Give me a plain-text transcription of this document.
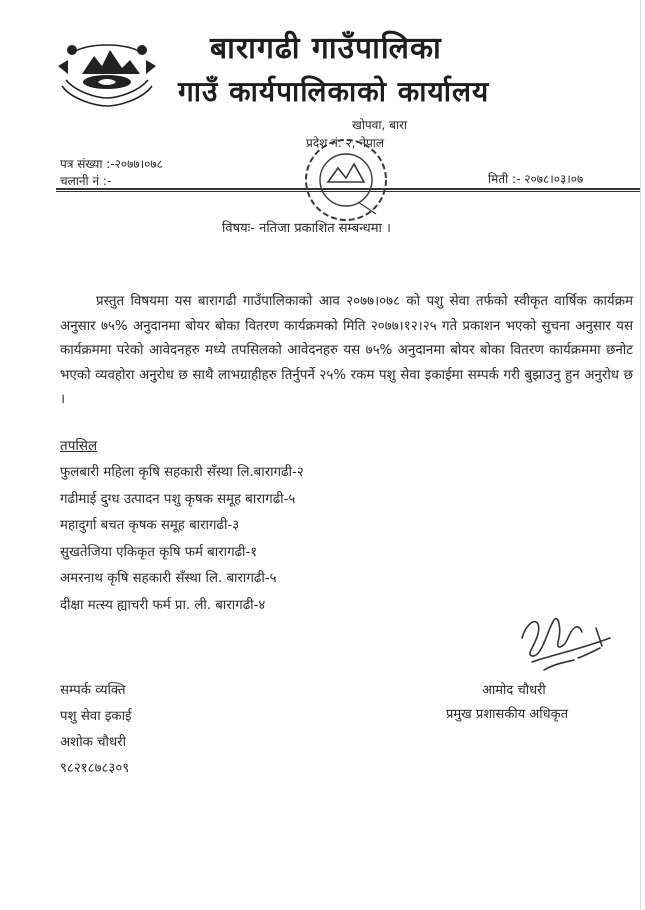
बारागढी गाउँपालिका
गाउँ कार्यपालिकाको कार्यालय
खोपवा, बारा
प्रदेश नं. २, नेपाल
पत्र संख्या :-२०७७।०७८
चलानी नं :-	मिती :- २०७८।०३।०७
विषयः- नतिजा प्रकाशित सम्बन्धमा ।

प्रस्तुत विषयमा यस बारागढी गाउँपालिकाको आव २०७७।०७८ को पशु सेवा तर्फको स्वीकृत वार्षिक कार्यक्रम अनुसार ७५% अनुदानमा बोयर बोका वितरण कार्यक्रमको मिति २०७७।१२।२५ गते प्रकाशन भएको सुचना अनुसार यस कार्यक्रममा परेको आवेदनहरु मध्ये तपसिलको आवेदनहरु यस ७५% अनुदानमा बोयर बोका वितरण कार्यक्रममा छनोट भएको व्यवहोरा अनुरोध छ साथै लाभग्राहीहरु तिर्नुपर्ने २५% रकम पशु सेवा इकाईमा सम्पर्क गरी बुझाउनु हुन अनुरोध छ ।

तपसिल
फुलबारी महिला कृषि सहकारी सँस्था लि.बारागढी-२
गढीमाई दुग्ध उत्पादन पशु कृषक समूह बारागढी-५
महादुर्गा बचत कृषक समूह बारागढी-३
सुखतेजिया एकिकृत कृषि फर्म बारागढी-१
अमरनाथ कृषि सहकारी सँस्था लि. बारागढी-५
दीक्षा मत्स्य ह्याचरी फर्म प्रा. ली. बारागढी-४
आमोद चौधरी
प्रमुख प्रशासकीय अधिकृत
सम्पर्क व्यक्ति
पशु सेवा इकाई
अशोक चौधरी
९८२१८७८३०९
